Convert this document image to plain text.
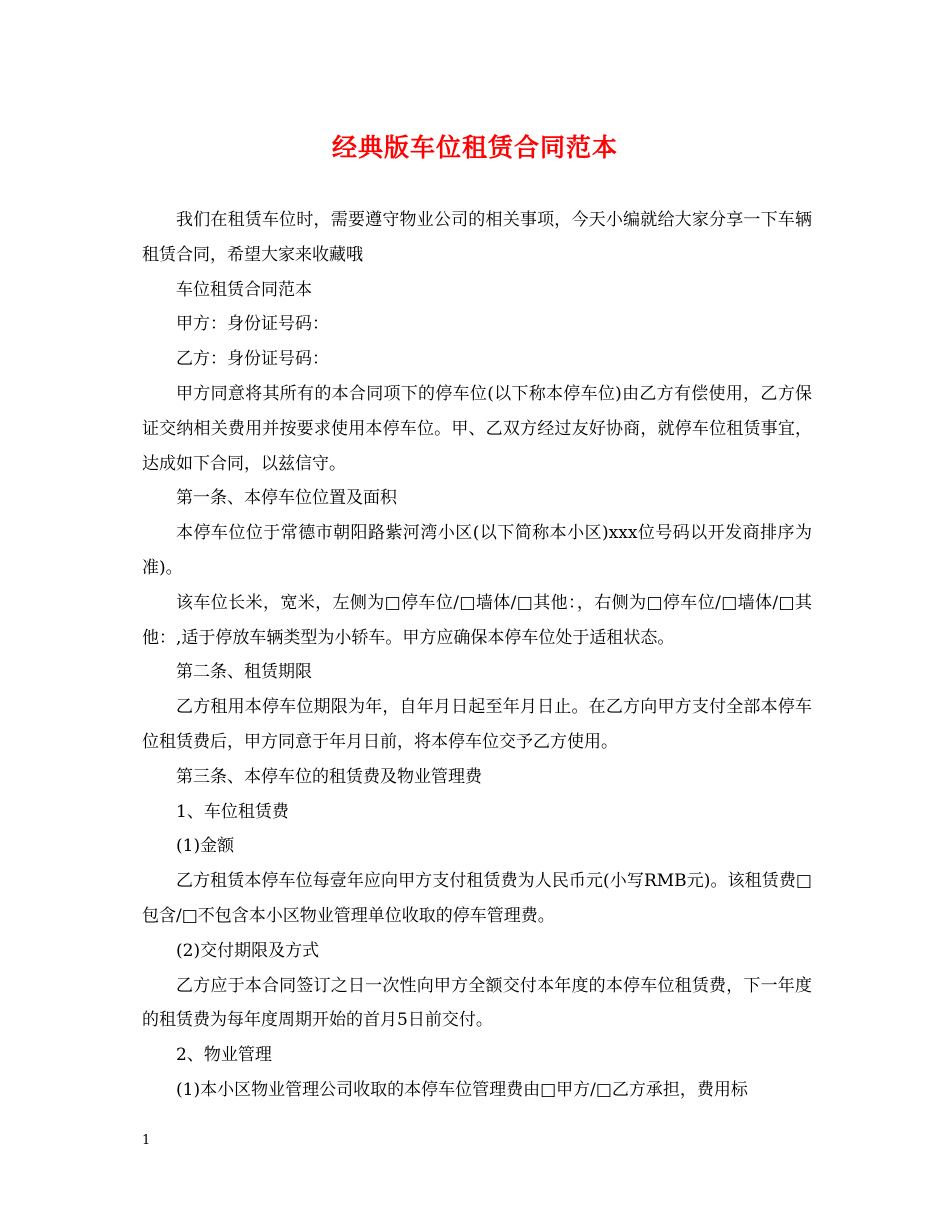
经典版车位租赁合同范本

我们在租赁车位时，需要遵守物业公司的相关事项，今天小编就给大家分享一下车辆租赁合同，希望大家来收藏哦

车位租赁合同范本

甲方：身份证号码：

乙方：身份证号码：

甲方同意将其所有的本合同项下的停车位(以下称本停车位)由乙方有偿使用，乙方保证交纳相关费用并按要求使用本停车位。甲、乙双方经过友好协商，就停车位租赁事宜，达成如下合同，以兹信守。

第一条、本停车位位置及面积

本停车位位于常德市朝阳路紫河湾小区(以下简称本小区)xxx位号码以开发商排序为准)。

该车位长米，宽米，左侧为□停车位/□墙体/□其他：，右侧为□停车位/□墙体/□其他：,适于停放车辆类型为小轿车。甲方应确保本停车位处于适租状态。

第二条、租赁期限

乙方租用本停车位期限为年，自年月日起至年月日止。在乙方向甲方支付全部本停车位租赁费后，甲方同意于年月日前，将本停车位交予乙方使用。

第三条、本停车位的租赁费及物业管理费

1、车位租赁费

(1)金额

乙方租赁本停车位每壹年应向甲方支付租赁费为人民币元(小写RMB元)。该租赁费□包含/□不包含本小区物业管理单位收取的停车管理费。

(2)交付期限及方式

乙方应于本合同签订之日一次性向甲方全额交付本年度的本停车位租赁费，下一年度的租赁费为每年度周期开始的首月5日前交付。

2、物业管理

(1)本小区物业管理公司收取的本停车位管理费由□甲方/□乙方承担，费用标

1
